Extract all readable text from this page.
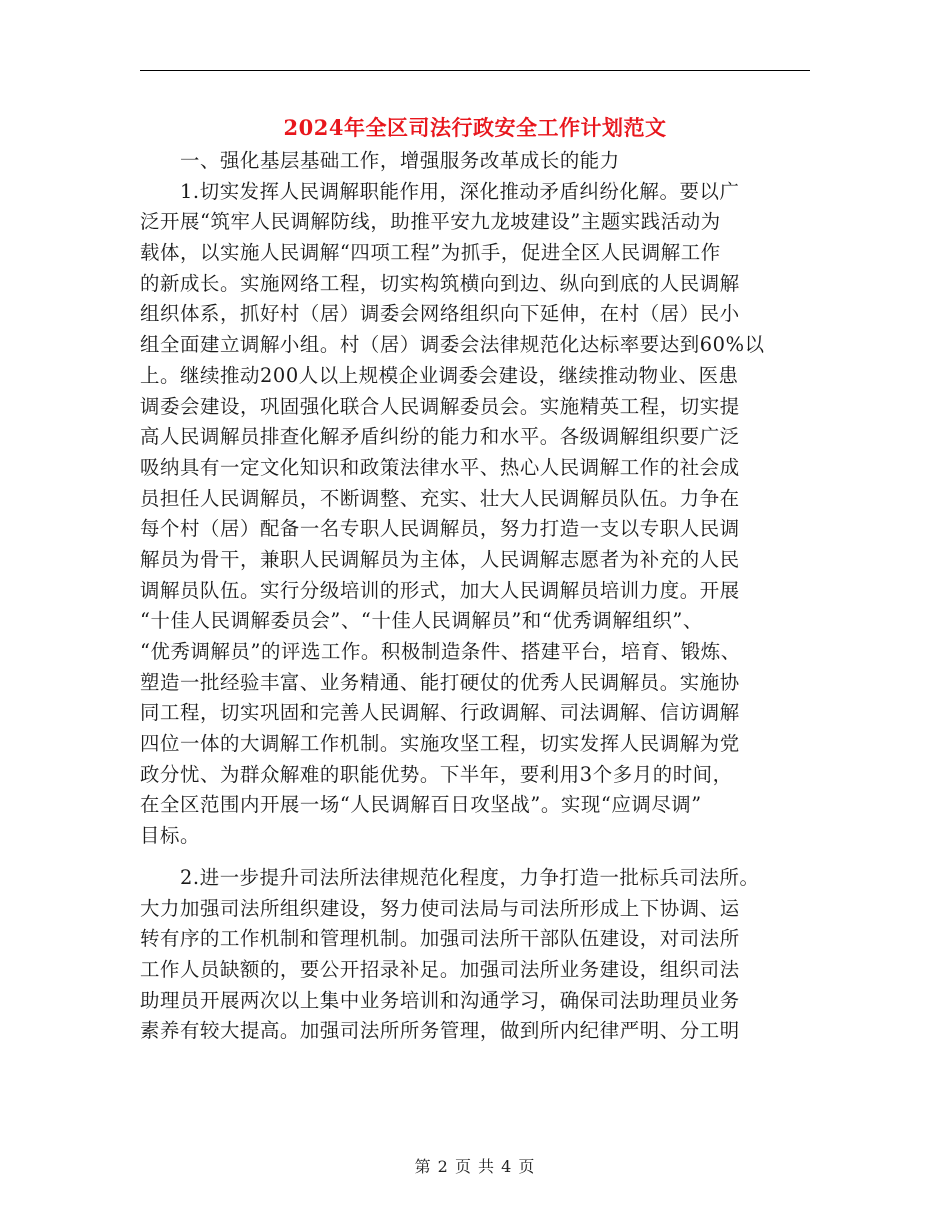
2024年全区司法行政安全工作计划范文
一、强化基层基础工作，增强服务改革成长的能力
1.切实发挥人民调解职能作用，深化推动矛盾纠纷化解。要以广
泛开展“筑牢人民调解防线，助推平安九龙坡建设”主题实践活动为
载体，以实施人民调解“四项工程”为抓手，促进全区人民调解工作
的新成长。实施网络工程，切实构筑横向到边、纵向到底的人民调解
组织体系，抓好村（居）调委会网络组织向下延伸，在村（居）民小
组全面建立调解小组。村（居）调委会法律规范化达标率要达到60%以
上。继续推动200人以上规模企业调委会建设，继续推动物业、医患
调委会建设，巩固强化联合人民调解委员会。实施精英工程，切实提
高人民调解员排查化解矛盾纠纷的能力和水平。各级调解组织要广泛
吸纳具有一定文化知识和政策法律水平、热心人民调解工作的社会成
员担任人民调解员，不断调整、充实、壮大人民调解员队伍。力争在
每个村（居）配备一名专职人民调解员，努力打造一支以专职人民调
解员为骨干，兼职人民调解员为主体，人民调解志愿者为补充的人民
调解员队伍。实行分级培训的形式，加大人民调解员培训力度。开展
“十佳人民调解委员会”、“十佳人民调解员”和“优秀调解组织”、
“优秀调解员”的评选工作。积极制造条件、搭建平台，培育、锻炼、
塑造一批经验丰富、业务精通、能打硬仗的优秀人民调解员。实施协
同工程，切实巩固和完善人民调解、行政调解、司法调解、信访调解
四位一体的大调解工作机制。实施攻坚工程，切实发挥人民调解为党
政分忧、为群众解难的职能优势。下半年，要利用3个多月的时间，
在全区范围内开展一场“人民调解百日攻坚战”。实现“应调尽调”
目标。
2.进一步提升司法所法律规范化程度，力争打造一批标兵司法所。
大力加强司法所组织建设，努力使司法局与司法所形成上下协调、运
转有序的工作机制和管理机制。加强司法所干部队伍建设，对司法所
工作人员缺额的，要公开招录补足。加强司法所业务建设，组织司法
助理员开展两次以上集中业务培训和沟通学习，确保司法助理员业务
素养有较大提高。加强司法所所务管理，做到所内纪律严明、分工明
第 2 页 共 4 页
